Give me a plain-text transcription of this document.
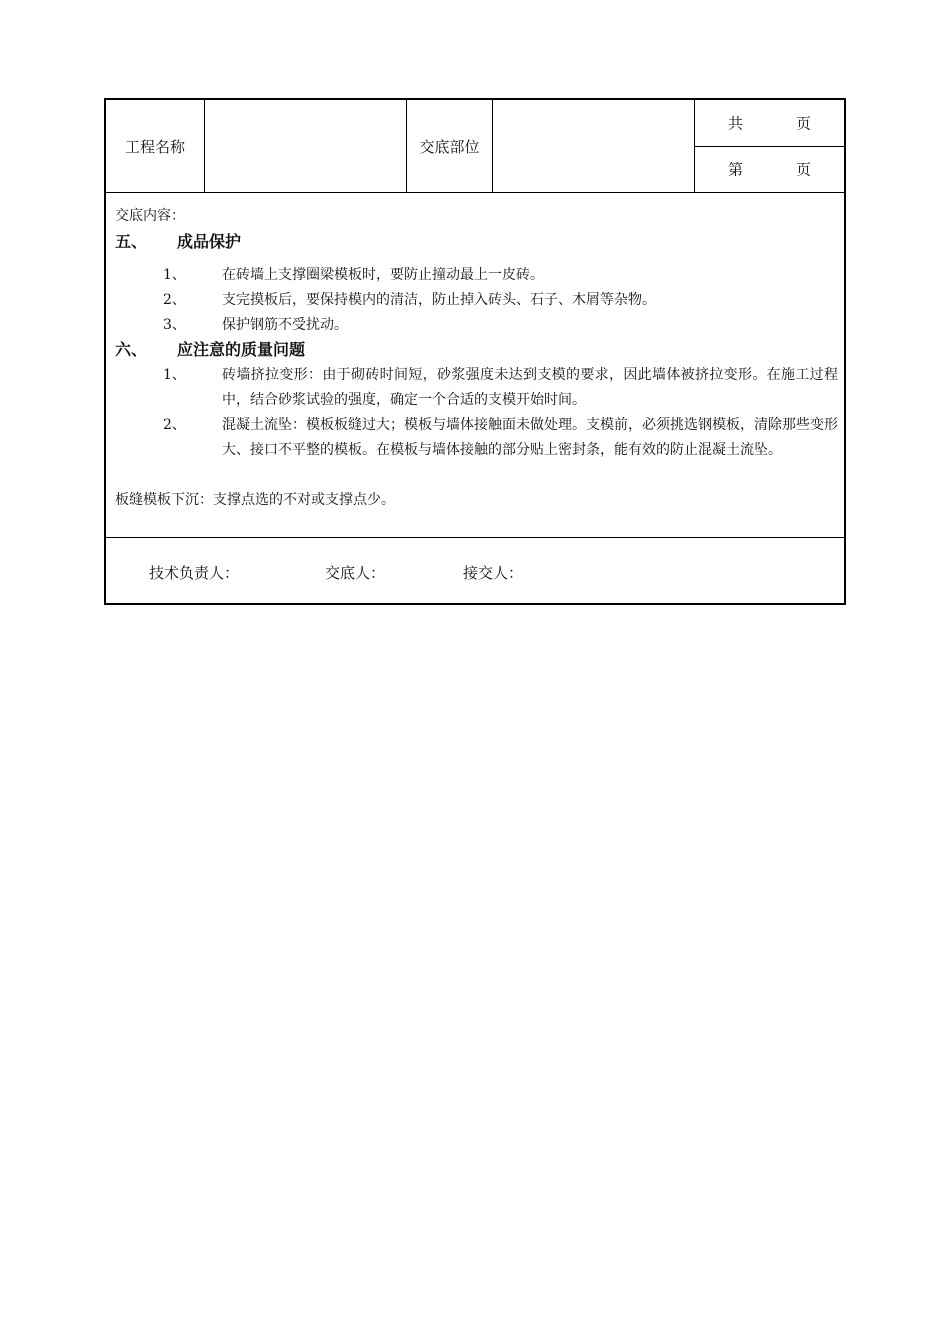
工程名称	交底部位
共	页
第	页
交底内容：
五、 成品保护
1、	在砖墙上支撑圈梁模板时，要防止撞动最上一皮砖。
2、	支完摸板后，要保持模内的清洁，防止掉入砖头、石子、木屑等杂物。
3、	保护钢筋不受扰动。
六、 应注意的质量问题
1、	砖墙挤拉变形：由于砌砖时间短，砂浆强度未达到支模的要求，因此墙体被挤拉变形。在施工过程中，结合砂浆试验的强度，确定一个合适的支模开始时间。
2、	混凝土流坠：模板板缝过大；模板与墙体接触面未做处理。支模前，必须挑选钢模板，清除那些变形大、接口不平整的模板。在模板与墙体接触的部分贴上密封条，能有效的防止混凝土流坠。
板缝模板下沉：支撑点选的不对或支撑点少。
技术负责人：	交底人：	接交人：
